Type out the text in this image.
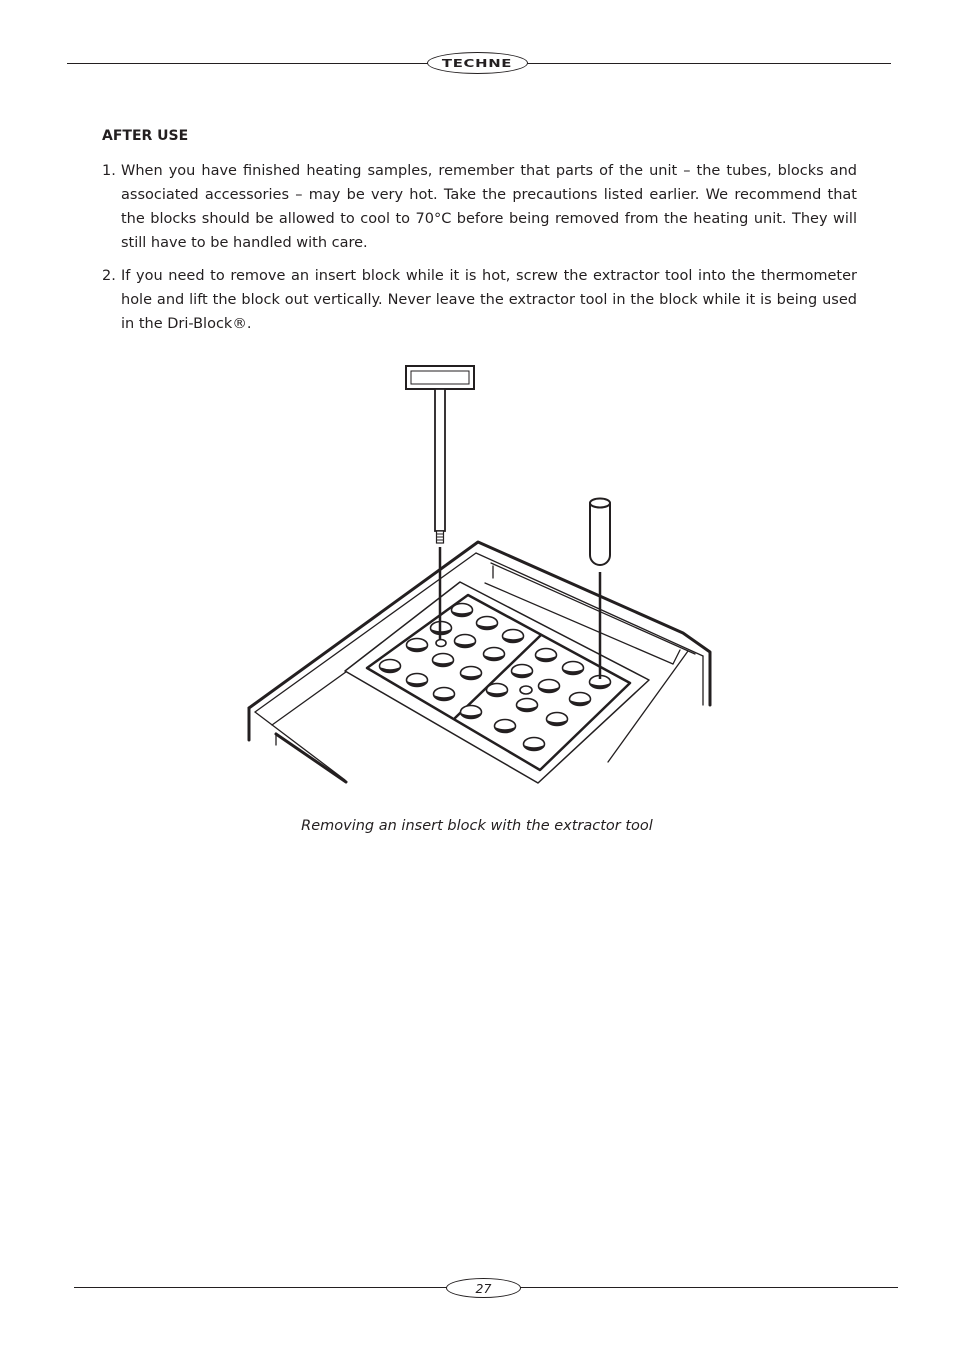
TECHNE
AFTER USE
1. When you have finished heating samples, remember that parts of the unit – the tubes, blocks and associated accessories – may be very hot. Take the precautions listed earlier. We recommend that the blocks should be allowed to cool to 70°C before being removed from the heating unit. They will still have to be handled with care.
2. If you need to remove an insert block while it is hot, screw the extractor tool into the thermometer hole and lift the block out vertically. Never leave the extractor tool in the block while it is being used in the Dri-Block®.
Removing an insert block with the extractor tool
27
